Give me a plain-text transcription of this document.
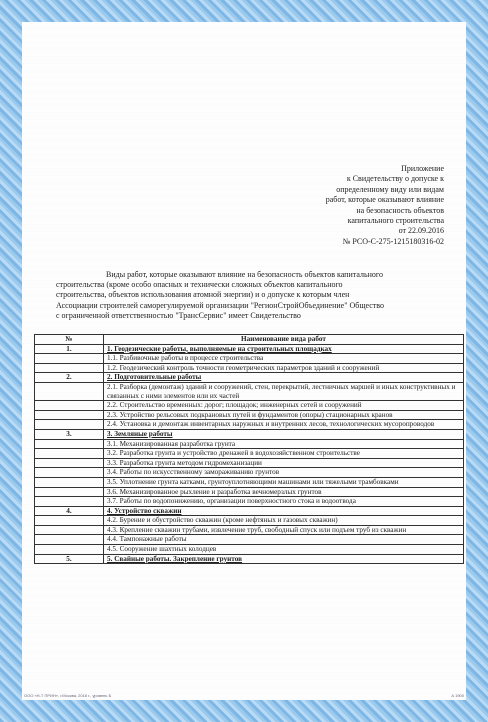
Приложение
к Свидетельству о допуске к
определенному виду или видам
работ, которые оказывают влияние
на безопасность объектов
капитального строительства
от 22.09.2016
№ РСО-С-275-1215180316-02
Виды работ, которые оказывают влияние на безопасность объектов капитального
строительства (кроме особо опасных и технически сложных объектов капитального
строительства, объектов использования атомной энергии) и о допуске к которым член
Ассоциации строителей саморегулируемой организации "РегионСтройОбъединение" Общество
с ограниченной ответственностью "ТрансСервис" имеет Свидетельство
№	Наименование вида работ
1.	1. Геодезические работы, выполняемые на строительных площадках
	1.1. Разбивочные работы в процессе строительства
	1.2. Геодезический контроль точности геометрических параметров зданий и сооружений
2.	2. Подготовительные работы
	2.1. Разборка (демонтаж) зданий и сооружений, стен, перекрытий, лестничных маршей и иных конструктивных и связанных с ними элементов или их частей
	2.2. Строительство временных: дорог; площадок; инженерных сетей и сооружений
	2.3. Устройство рельсовых подкрановых путей и фундаментов (опоры) стационарных кранов
	2.4. Установка и демонтаж инвентарных наружных и внутренних лесов, технологических мусоропроводов
3.	3. Земляные работы
	3.1. Механизированная разработка грунта
	3.2. Разработка грунта и устройство дренажей в водохозяйственном строительстве
	3.3. Разработка грунта методом гидромеханизации
	3.4. Работы по искусственному замораживанию грунтов
	3.5. Уплотнение грунта катками, грунтоуплотняющими машинами или тяжелыми трамбовками
	3.6. Механизированное рыхление и разработка вечномерзлых грунтов
	3.7. Работы по водопонижению, организации поверхностного стока и водоотвода
4.	4. Устройство скважин
	4.2. Бурение и обустройство скважин (кроме нефтяных и газовых скважин)
	4.3. Крепление скважин трубами, извлечение труб, свободный спуск или подъем труб из скважин
	4.4. Тампонажные работы
	4.5. Сооружение шахтных колодцев
5.	5. Свайные работы. Закрепление грунтов
ООО «Н-Т ПРИН», г.Москва, 2016 г., уровень Б	А 1900
